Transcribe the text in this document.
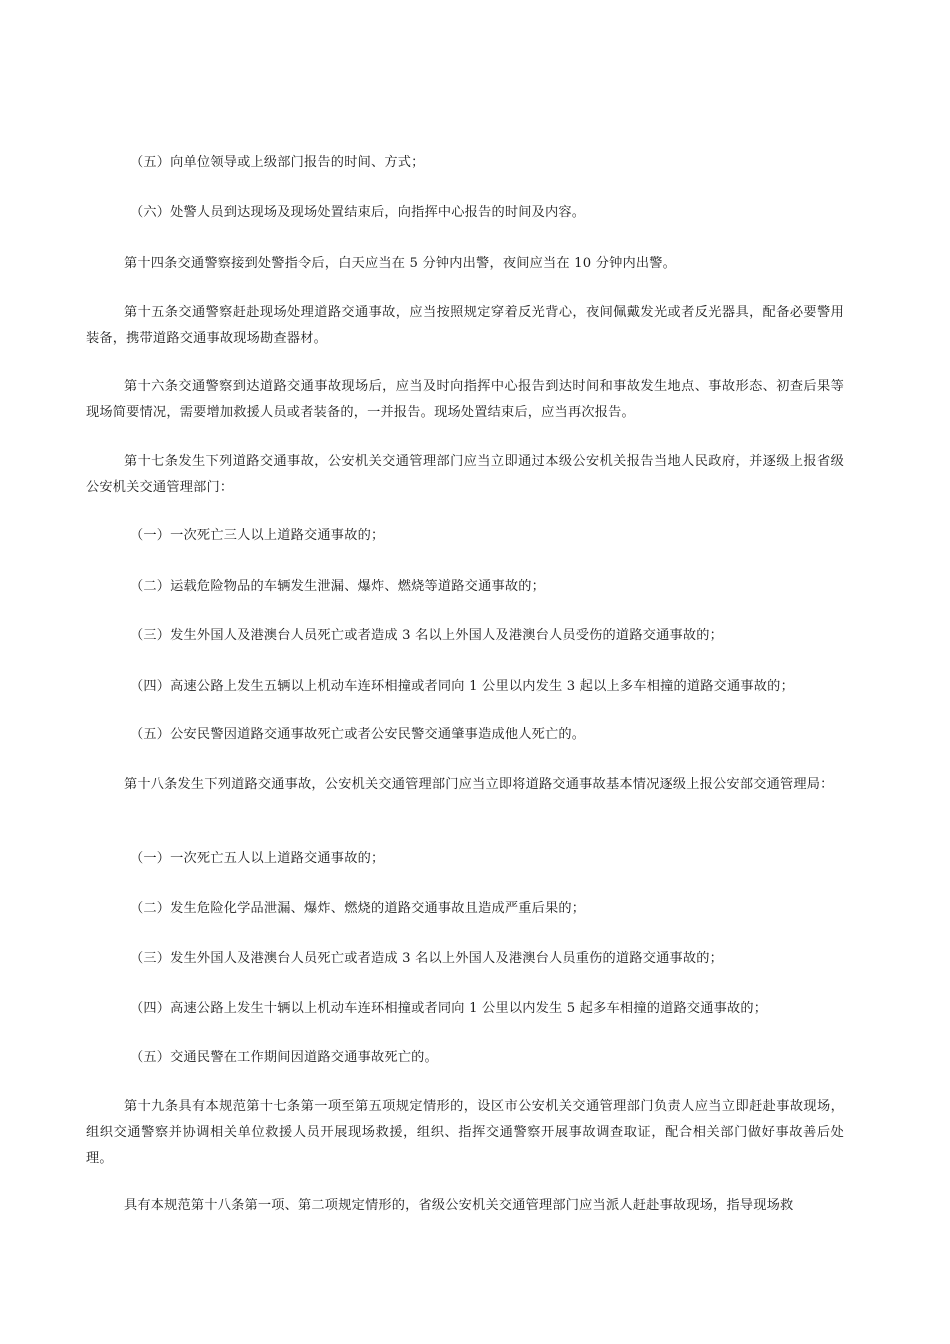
（五）向单位领导或上级部门报告的时间、方式；

（六）处警人员到达现场及现场处置结束后，向指挥中心报告的时间及内容。

第十四条交通警察接到处警指令后，白天应当在 5 分钟内出警，夜间应当在 10 分钟内出警。

第十五条交通警察赶赴现场处理道路交通事故，应当按照规定穿着反光背心，夜间佩戴发光或者反光器具，配备必要警用装备，携带道路交通事故现场勘查器材。

第十六条交通警察到达道路交通事故现场后，应当及时向指挥中心报告到达时间和事故发生地点、事故形态、初查后果等现场简要情况，需要增加救援人员或者装备的，一并报告。现场处置结束后，应当再次报告。

第十七条发生下列道路交通事故，公安机关交通管理部门应当立即通过本级公安机关报告当地人民政府，并逐级上报省级公安机关交通管理部门：

（一）一次死亡三人以上道路交通事故的；

（二）运载危险物品的车辆发生泄漏、爆炸、燃烧等道路交通事故的；

（三）发生外国人及港澳台人员死亡或者造成 3 名以上外国人及港澳台人员受伤的道路交通事故的；

（四）高速公路上发生五辆以上机动车连环相撞或者同向 1 公里以内发生 3 起以上多车相撞的道路交通事故的；

（五）公安民警因道路交通事故死亡或者公安民警交通肇事造成他人死亡的。

第十八条发生下列道路交通事故，公安机关交通管理部门应当立即将道路交通事故基本情况逐级上报公安部交通管理局：

（一）一次死亡五人以上道路交通事故的；

（二）发生危险化学品泄漏、爆炸、燃烧的道路交通事故且造成严重后果的；

（三）发生外国人及港澳台人员死亡或者造成 3 名以上外国人及港澳台人员重伤的道路交通事故的；

（四）高速公路上发生十辆以上机动车连环相撞或者同向 1 公里以内发生 5 起多车相撞的道路交通事故的；

（五）交通民警在工作期间因道路交通事故死亡的。

第十九条具有本规范第十七条第一项至第五项规定情形的，设区市公安机关交通管理部门负责人应当立即赶赴事故现场，组织交通警察并协调相关单位救援人员开展现场救援，组织、指挥交通警察开展事故调查取证，配合相关部门做好事故善后处理。

具有本规范第十八条第一项、第二项规定情形的，省级公安机关交通管理部门应当派人赶赴事故现场，指导现场救
